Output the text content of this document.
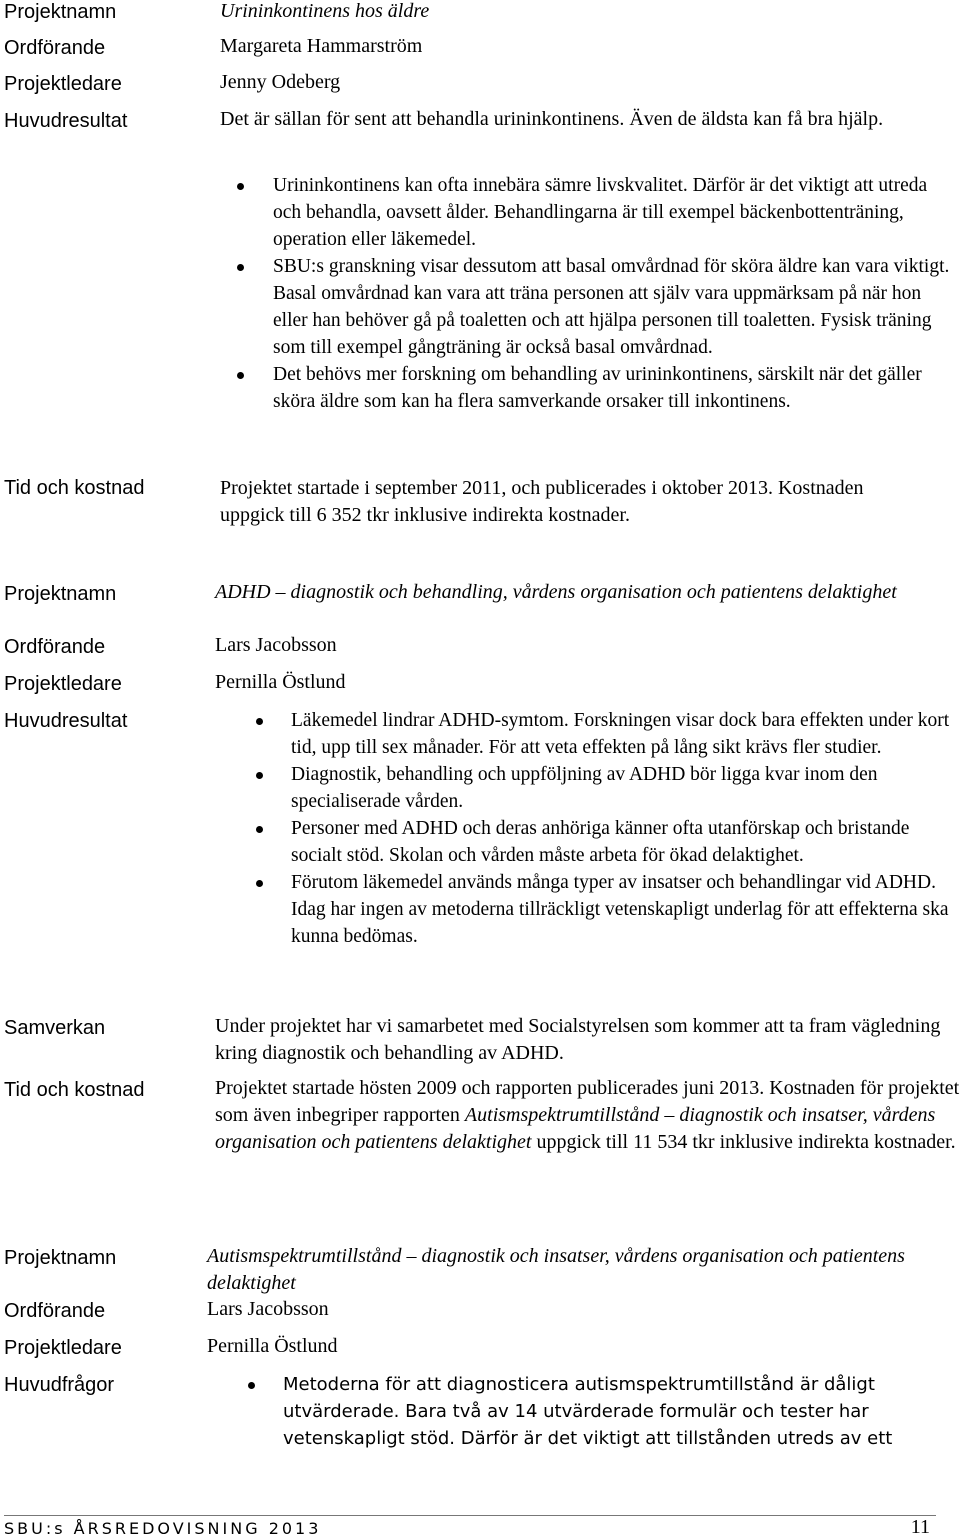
Projektnamn	Urininkontinens hos äldre
Ordförande	Margareta Hammarström
Projektledare	Jenny Odeberg
Huvudresultat	Det är sällan för sent att behandla urininkontinens. Även de äldsta kan få bra hjälp.
Urininkontinens kan ofta innebära sämre livskvalitet. Därför är det viktigt att utreda och behandla, oavsett ålder. Behandlingarna är till exempel bäckenbottenträning, operation eller läkemedel.
SBU:s granskning visar dessutom att basal omvårdnad för sköra äldre kan vara viktigt. Basal omvårdnad kan vara att träna personen att själv vara uppmärksam på när hon eller han behöver gå på toaletten och att hjälpa personen till toaletten. Fysisk träning som till exempel gångträning är också basal omvårdnad.
Det behövs mer forskning om behandling av urininkontinens, särskilt när det gäller sköra äldre som kan ha flera samverkande orsaker till inkontinens.
Tid och kostnad	Projektet startade i september 2011, och publicerades i oktober 2013. Kostnaden uppgick till 6 352 tkr inklusive indirekta kostnader.
Projektnamn	ADHD – diagnostik och behandling, vårdens organisation och patientens delaktighet
Ordförande	Lars Jacobsson
Projektledare	Pernilla Östlund
Huvudresultat	Läkemedel lindrar ADHD-symtom. Forskningen visar dock bara effekten under kort tid, upp till sex månader. För att veta effekten på lång sikt krävs fler studier.
Diagnostik, behandling och uppföljning av ADHD bör ligga kvar inom den specialiserade vården.
Personer med ADHD och deras anhöriga känner ofta utanförskap och bristande socialt stöd. Skolan och vården måste arbeta för ökad delaktighet.
Förutom läkemedel används många typer av insatser och behandlingar vid ADHD. Idag har ingen av metoderna tillräckligt vetenskapligt underlag för att effekterna ska kunna bedömas.
Samverkan	Under projektet har vi samarbetet med Socialstyrelsen som kommer att ta fram vägledning kring diagnostik och behandling av ADHD.
Tid och kostnad	Projektet startade hösten 2009 och rapporten publicerades juni 2013. Kostnaden för projektet som även inbegriper rapporten Autismspektrumtillstånd – diagnostik och insatser, vårdens organisation och patientens delaktighet uppgick till 11 534 tkr inklusive indirekta kostnader.
Projektnamn	Autismspektrumtillstånd – diagnostik och insatser, vårdens organisation och patientens delaktighet
Ordförande	Lars Jacobsson
Projektledare	Pernilla Östlund
Huvudfrågor	Metoderna för att diagnosticera autismspektrumtillstånd är dåligt utvärderade. Bara två av 14 utvärderade formulär och tester har vetenskapligt stöd. Därför är det viktigt att tillstånden utreds av ett
SBU:s ÅRSREDOVISNING 2013	11
